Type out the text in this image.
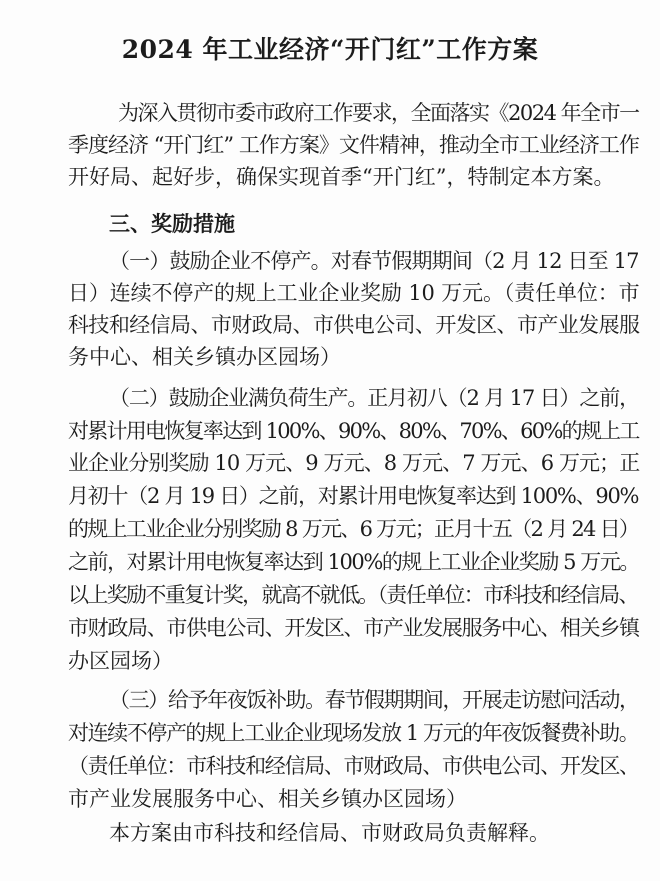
2024 年工业经济“开门红”工作方案
为深入贯彻市委市政府工作要求，全面落实《2024 年全市一
季度经济 “开门红” 工作方案》文件精神，推动全市工业经济工作
开好局、起好步，确保实现首季“开门红”，特制定本方案。
三、奖励措施
（一）鼓励企业不停产。对春节假期期间（2 月 12 日至 17
日）连续不停产的规上工业企业奖励 10 万元。（责任单位：市
科技和经信局、市财政局、市供电公司、开发区、市产业发展服
务中心、相关乡镇办区园场）
（二）鼓励企业满负荷生产。正月初八（2 月 17 日）之前，
对累计用电恢复率达到 100%、90%、80%、70%、60%的规上工
业企业分别奖励 10 万元、9 万元、8 万元、7 万元、6 万元；正
月初十（2 月 19 日）之前，对累计用电恢复率达到 100%、90%
的规上工业企业分别奖励 8 万元、6 万元；正月十五（2 月 24 日）
之前，对累计用电恢复率达到 100%的规上工业企业奖励 5 万元。
以上奖励不重复计奖，就高不就低。（责任单位：市科技和经信局、
市财政局、市供电公司、开发区、市产业发展服务中心、相关乡镇
办区园场）
（三）给予年夜饭补助。春节假期期间，开展走访慰问活动，
对连续不停产的规上工业企业现场发放 1 万元的年夜饭餐费补助。
（责任单位：市科技和经信局、市财政局、市供电公司、开发区、
市产业发展服务中心、相关乡镇办区园场）
本方案由市科技和经信局、市财政局负责解释。
